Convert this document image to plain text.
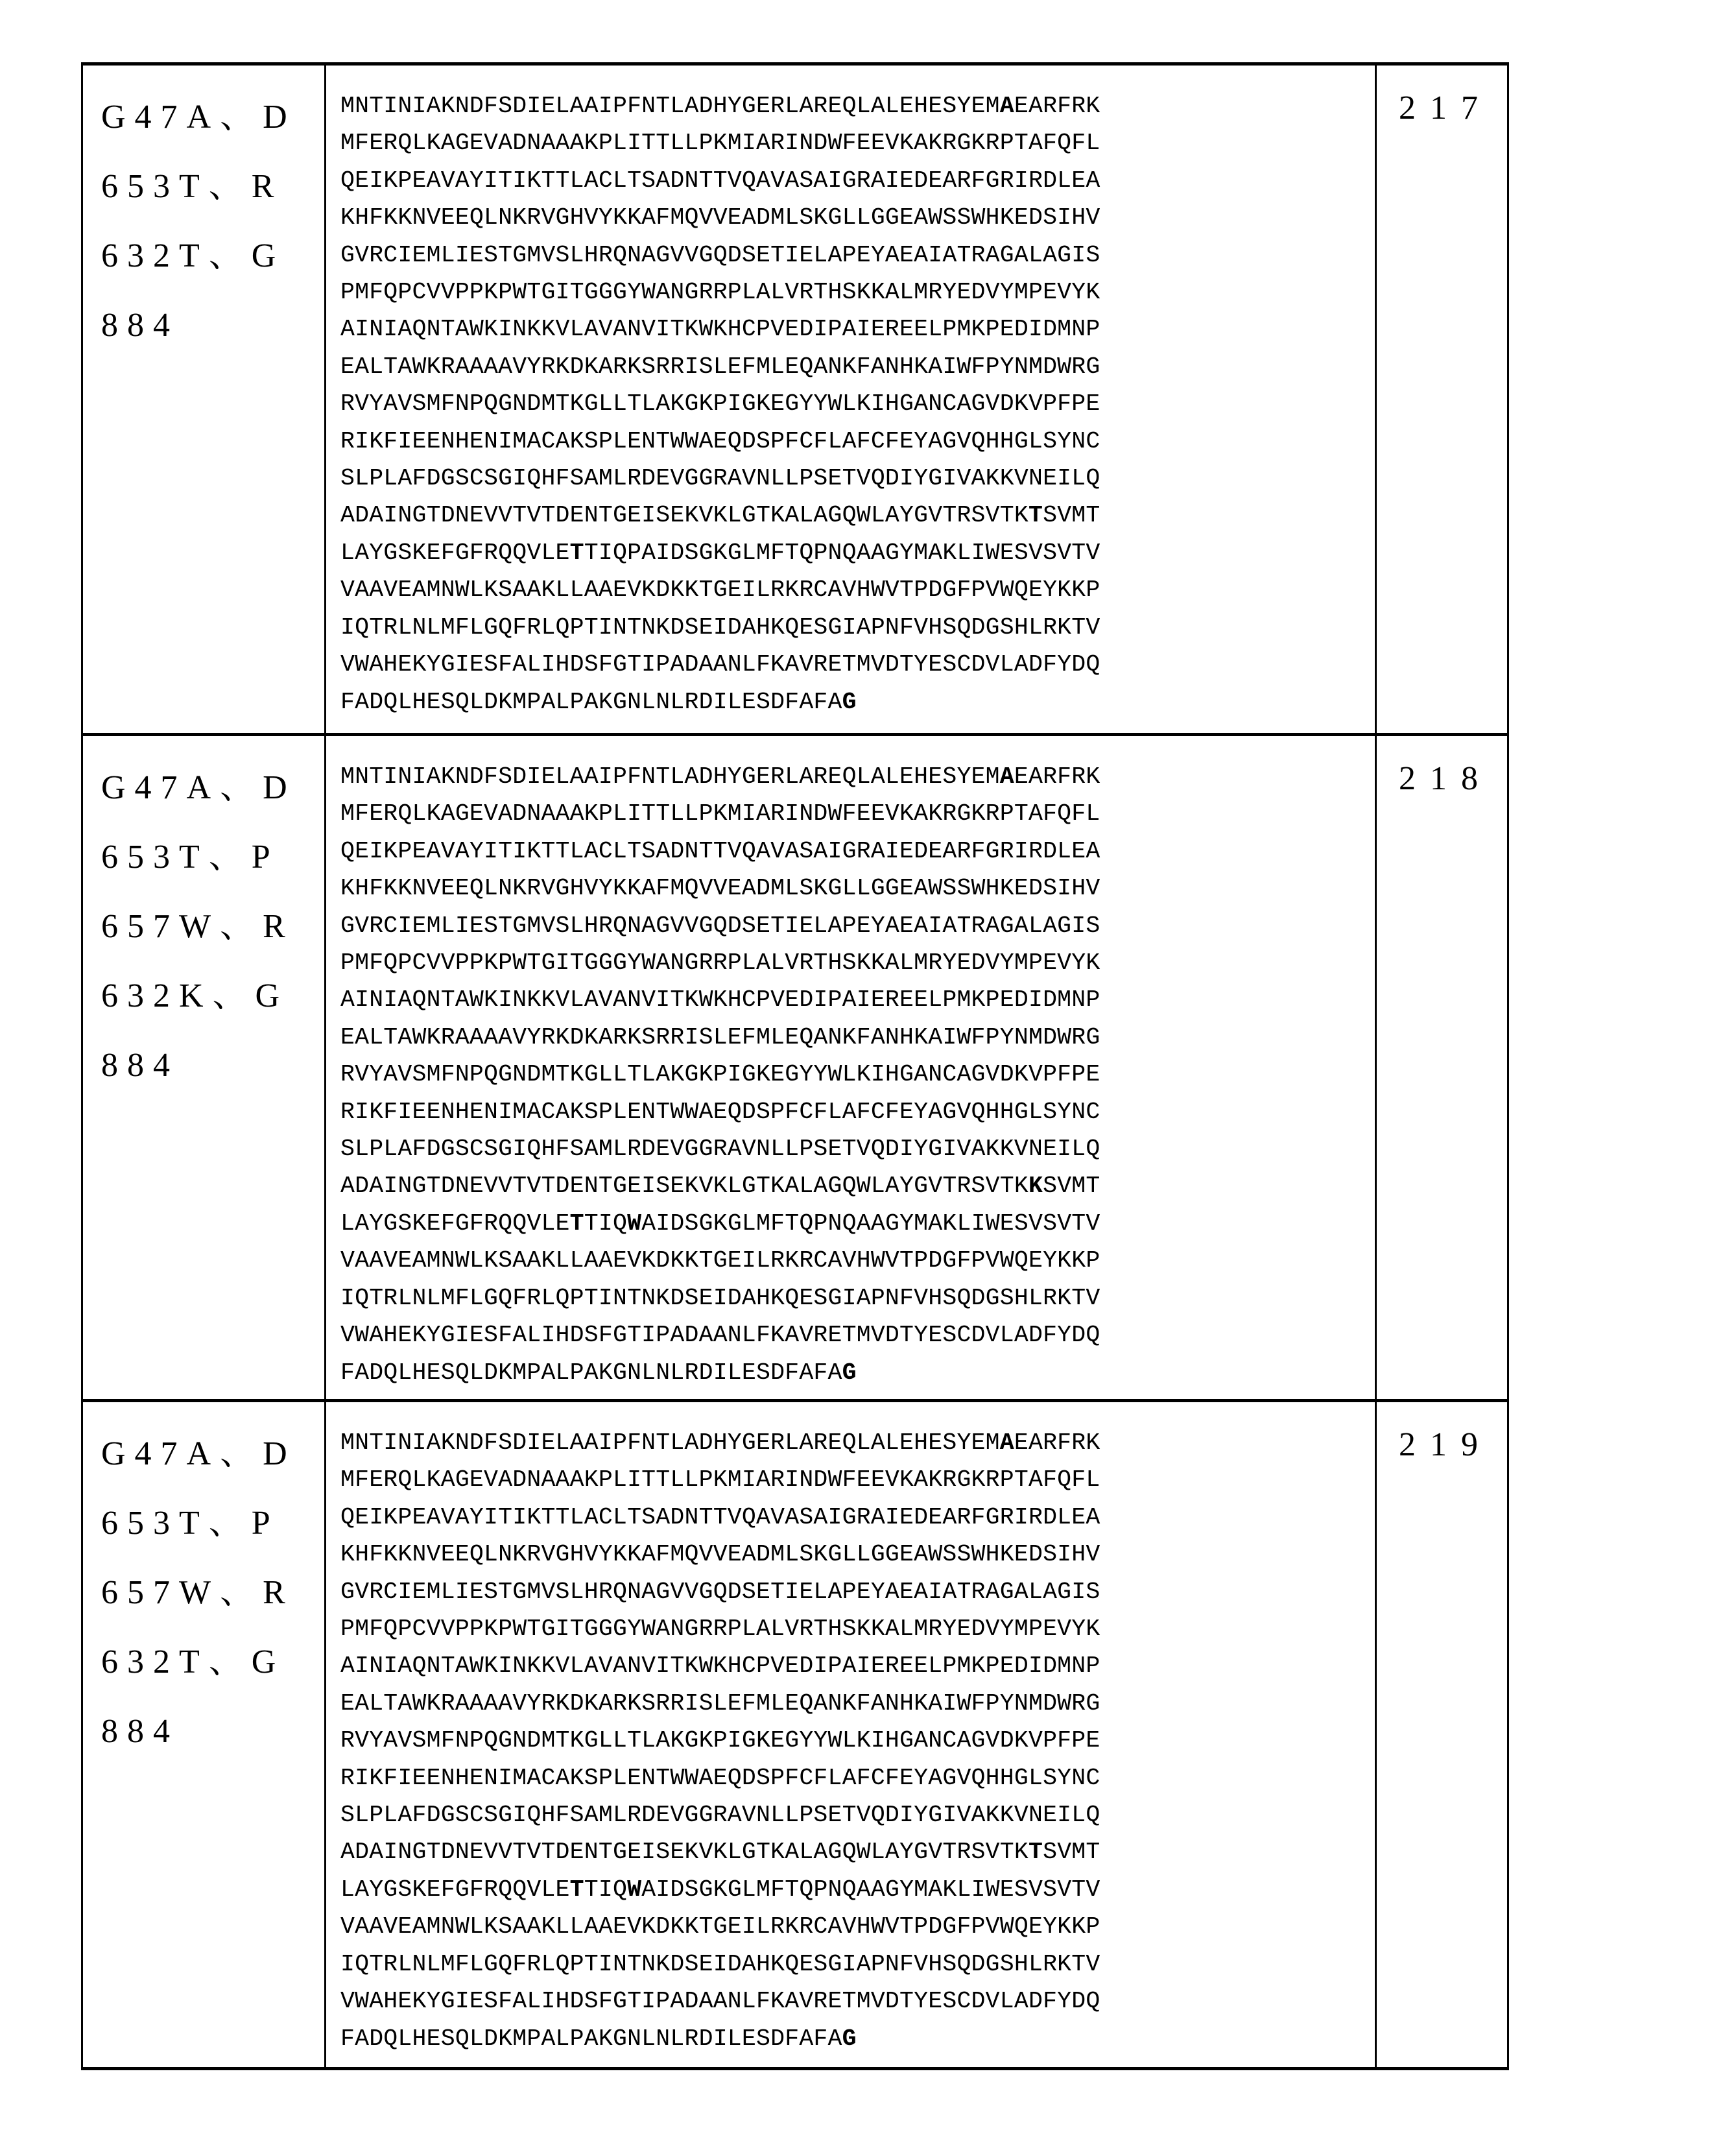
G47A、D
653T、R
632T、G
884
MNTINIAKNDFSDIELAAIPFNTLADHYGERLAREQLALEHESYEMAEARFRK
MFERQLKAGEVADNAAAKPLITTLLPKMIARINDWFEEVKAKRGKRPTAFQFL
QEIKPEAVAYITIKTTLACLTSADNTTVQAVASAIGRAIEDEARFGRIRDLEA
KHFKKNVEEQLNKRVGHVYKKAFMQVVEADMLSKGLLGGEAWSSWHKEDSIHV
GVRCIEMLIESTGMVSLHRQNAGVVGQDSETIELAPEYAEAIATRAGALAGIS
PMFQPCVVPPKPWTGITGGGYWANGRRPLALVRTHSKKALMRYEDVYMPEVYK
AINIAQNTAWKINKKVLAVANVITKWKHCPVEDIPAIEREELPMKPEDIDMNP
EALTAWKRAAAAVYRKDKARKSRRISLEFMLEQANKFANHKAIWFPYNMDWRG
RVYAVSMFNPQGNDMTKGLLTLAKGKPIGKEGYYWLKIHGANCAGVDKVPFPE
RIKFIEENHENIMACAKSPLENTWWAEQDSPFCFLAFCFEYAGVQHHGLSYNC
SLPLAFDGSCSGIQHFSAMLRDEVGGRAVNLLPSETVQDIYGIVAKKVNEILQ
ADAINGTDNEVVTVTDENTGEISEKVKLGTKALAGQWLAYGVTRSVTKTSVMT
LAYGSKEFGFRQQVLETTIQPAIDSGKGLMFTQPNQAAGYMAKLIWESVSVTV
VAAVEAMNWLKSAAKLLAAEVKDKKTGEILRKRCAVHWVTPDGFPVWQEYKKP
IQTRLNLMFLGQFRLQPTINTNKDSEIDAHKQESGIAPNFVHSQDGSHLRKTV
VWAHEKYGIESFALIHDSFGTIPADAANLFKAVRETMVDTYESCDVLADFYDQ
FADQLHESQLDKMPALPAKGNLNLRDILESDFAFAG
217
G47A、D
653T、P
657W、R
632K、G
884
MNTINIAKNDFSDIELAAIPFNTLADHYGERLAREQLALEHESYEMAEARFRK
MFERQLKAGEVADNAAAKPLITTLLPKMIARINDWFEEVKAKRGKRPTAFQFL
QEIKPEAVAYITIKTTLACLTSADNTTVQAVASAIGRAIEDEARFGRIRDLEA
KHFKKNVEEQLNKRVGHVYKKAFMQVVEADMLSKGLLGGEAWSSWHKEDSIHV
GVRCIEMLIESTGMVSLHRQNAGVVGQDSETIELAPEYAEAIATRAGALAGIS
PMFQPCVVPPKPWTGITGGGYWANGRRPLALVRTHSKKALMRYEDVYMPEVYK
AINIAQNTAWKINKKVLAVANVITKWKHCPVEDIPAIEREELPMKPEDIDMNP
EALTAWKRAAAAVYRKDKARKSRRISLEFMLEQANKFANHKAIWFPYNMDWRG
RVYAVSMFNPQGNDMTKGLLTLAKGKPIGKEGYYWLKIHGANCAGVDKVPFPE
RIKFIEENHENIMACAKSPLENTWWAEQDSPFCFLAFCFEYAGVQHHGLSYNC
SLPLAFDGSCSGIQHFSAMLRDEVGGRAVNLLPSETVQDIYGIVAKKVNEILQ
ADAINGTDNEVVTVTDENTGEISEKVKLGTKALAGQWLAYGVTRSVTKKSVMT
LAYGSKEFGFRQQVLETTIQWAIDSGKGLMFTQPNQAAGYMAKLIWESVSVTV
VAAVEAMNWLKSAAKLLAAEVKDKKTGEILRKRCAVHWVTPDGFPVWQEYKKP
IQTRLNLMFLGQFRLQPTINTNKDSEIDAHKQESGIAPNFVHSQDGSHLRKTV
VWAHEKYGIESFALIHDSFGTIPADAANLFKAVRETMVDTYESCDVLADFYDQ
FADQLHESQLDKMPALPAKGNLNLRDILESDFAFAG
218
G47A、D
653T、P
657W、R
632T、G
884
MNTINIAKNDFSDIELAAIPFNTLADHYGERLAREQLALEHESYEMAEARFRK
MFERQLKAGEVADNAAAKPLITTLLPKMIARINDWFEEVKAKRGKRPTAFQFL
QEIKPEAVAYITIKTTLACLTSADNTTVQAVASAIGRAIEDEARFGRIRDLEA
KHFKKNVEEQLNKRVGHVYKKAFMQVVEADMLSKGLLGGEAWSSWHKEDSIHV
GVRCIEMLIESTGMVSLHRQNAGVVGQDSETIELAPEYAEAIATRAGALAGIS
PMFQPCVVPPKPWTGITGGGYWANGRRPLALVRTHSKKALMRYEDVYMPEVYK
AINIAQNTAWKINKKVLAVANVITKWKHCPVEDIPAIEREELPMKPEDIDMNP
EALTAWKRAAAAVYRKDKARKSRRISLEFMLEQANKFANHKAIWFPYNMDWRG
RVYAVSMFNPQGNDMTKGLLTLAKGKPIGKEGYYWLKIHGANCAGVDKVPFPE
RIKFIEENHENIMACAKSPLENTWWAEQDSPFCFLAFCFEYAGVQHHGLSYNC
SLPLAFDGSCSGIQHFSAMLRDEVGGRAVNLLPSETVQDIYGIVAKKVNEILQ
ADAINGTDNEVVTVTDENTGEISEKVKLGTKALAGQWLAYGVTRSVTKTSVMT
LAYGSKEFGFRQQVLETTIQWAIDSGKGLMFTQPNQAAGYMAKLIWESVSVTV
VAAVEAMNWLKSAAKLLAAEVKDKKTGEILRKRCAVHWVTPDGFPVWQEYKKP
IQTRLNLMFLGQFRLQPTINTNKDSEIDAHKQESGIAPNFVHSQDGSHLRKTV
VWAHEKYGIESFALIHDSFGTIPADAANLFKAVRETMVDTYESCDVLADFYDQ
FADQLHESQLDKMPALPAKGNLNLRDILESDFAFAG
219
